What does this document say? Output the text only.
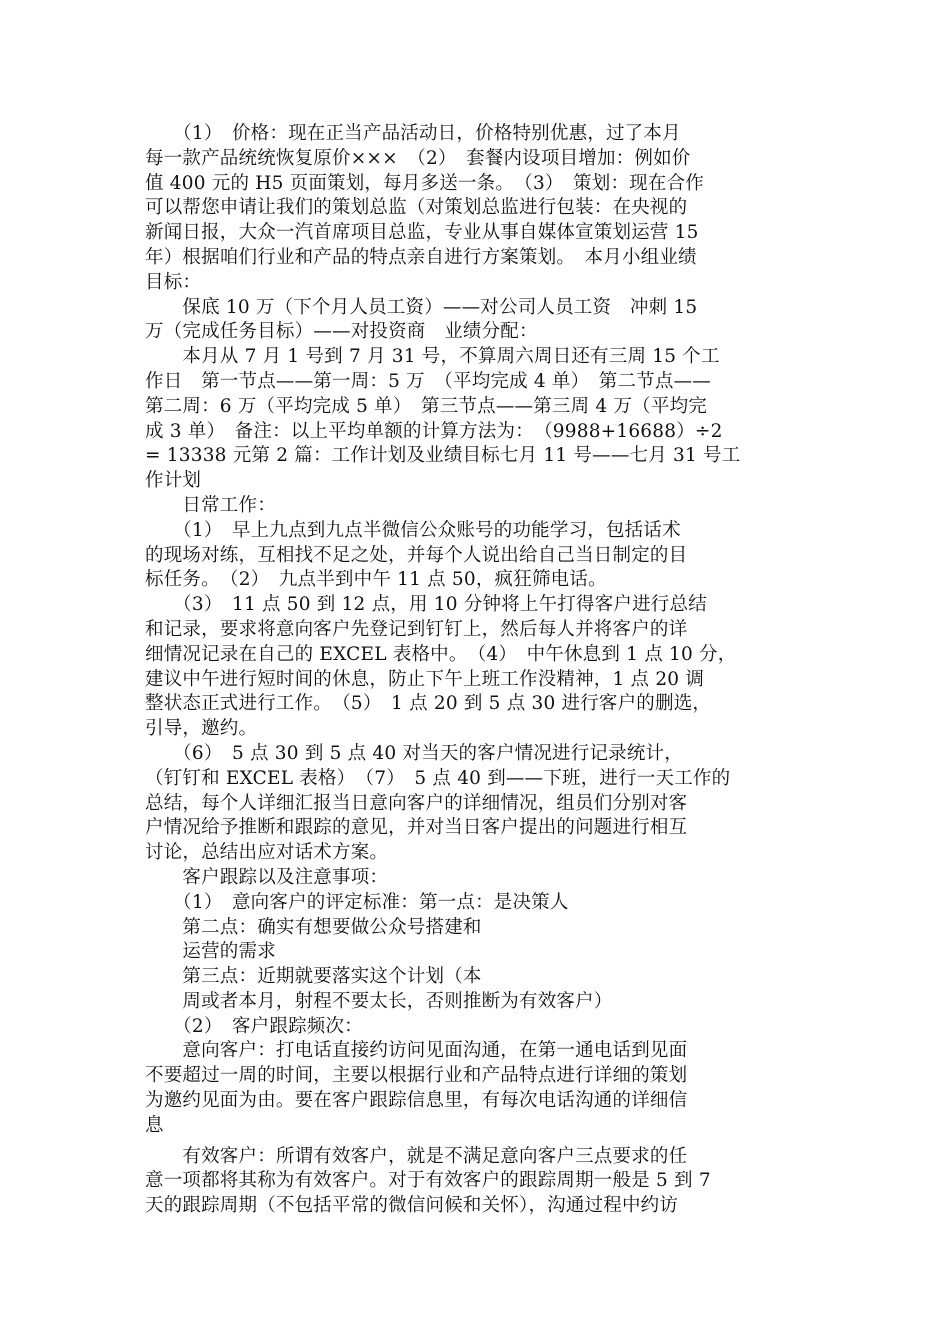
　　（1）　价格：现在正当产品活动日，价格特别优惠，过了本月
每一款产品统统恢复原价×××　（2）　套餐内设项目增加：例如价
值 400 元的 H5 页面策划，每月多送一条。　（3）　策划：现在合作
可以帮您申请让我们的策划总监（对策划总监进行包装：在央视的
新闻日报，大众一汽首席项目总监，专业从事自媒体宣策划运营 15
年）根据咱们行业和产品的特点亲自进行方案策划。　本月小组业绩
目标：
　　保底 10 万（下个月人员工资）——对公司人员工资　冲刺 15
万（完成任务目标）——对投资商　业绩分配：
　　本月从 7 月 1 号到 7 月 31 号，不算周六周日还有三周 15 个工
作日　第一节点——第一周：5 万　（平均完成 4 单）　第二节点——
第二周：6 万（平均完成 5 单）　第三节点——第三周 4 万（平均完
成 3 单）　备注：以上平均单额的计算方法为：　（9988+16688）÷2
= 13338 元第 2 篇：工作计划及业绩目标七月 11 号——七月 31 号工
作计划
　　日常工作：
　　（1）　早上九点到九点半微信公众账号的功能学习，包括话术
的现场对练，互相找不足之处，并每个人说出给自己当日制定的目
标任务。　（2）　九点半到中午 11 点 50，疯狂筛电话。
　　（3）　11 点 50 到 12 点，用 10 分钟将上午打得客户进行总结
和记录，要求将意向客户先登记到钉钉上，然后每人并将客户的详
细情况记录在自己的 EXCEL 表格中。　（4）　中午休息到 1 点 10 分，
建议中午进行短时间的休息，防止下午上班工作没精神，1 点 20 调
整状态正式进行工作。　（5）　1 点 20 到 5 点 30 进行客户的删选，
引导，邀约。
　　（6）　5 点 30 到 5 点 40 对当天的客户情况进行记录统计，
（钉钉和 EXCEL 表格）　（7）　5 点 40 到——下班，进行一天工作的
总结，每个人详细汇报当日意向客户的详细情况，组员们分别对客
户情况给予推断和跟踪的意见，并对当日客户提出的问题进行相互
讨论，总结出应对话术方案。
　　客户跟踪以及注意事项：
　　（1）　意向客户的评定标准：第一点：是决策人
　　第二点：确实有想要做公众号搭建和
　　运营的需求
　　第三点：近期就要落实这个计划（本
　　周或者本月，射程不要太长，否则推断为有效客户）
　　（2）　客户跟踪频次：
　　意向客户：打电话直接约访问见面沟通，在第一通电话到见面
不要超过一周的时间，主要以根据行业和产品特点进行详细的策划
为邀约见面为由。要在客户跟踪信息里，有每次电话沟通的详细信
息
　　有效客户：所谓有效客户，就是不满足意向客户三点要求的任
意一项都将其称为有效客户。对于有效客户的跟踪周期一般是 5 到 7
天的跟踪周期（不包括平常的微信问候和关怀），沟通过程中约访
